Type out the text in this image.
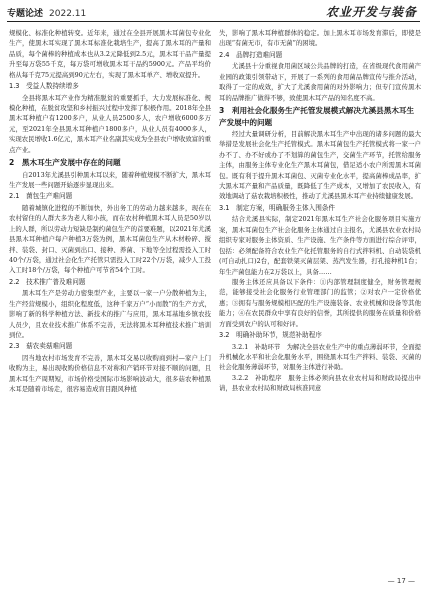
专题论述 2022.11	农业开发与装备

规模化、标准化种植转变。近年来，通过在全县开展黑木耳菌包专业化生产，使黑木耳实现了黑木耳标准化栽培生产，提高了黑木耳的产量和品质，每个菌棒的种植成本也从3.2元降低到2.5元，黑木耳干品产量提升至每万袋55千克，每万袋可增收黑木耳干品约5900元。产品平均价格从每千克75元提高到90元左右，实现了黑木耳单产、增收双提升。

1.3　受益人数持续增多

全县将黑木耳产业作为精准脱贫的重要抓手，大力发展标准化、规模化种植，在脱贫攻坚和乡村振兴过程中发挥了积极作用。2018年全县黑木耳种植户有1200多户，从业人员2500多人，农户增收6000多万元，至2021年全县黑木耳种植户1800多户，从业人员有4000多人，实现农民增收1.6亿元，黑木耳产业名副其实成为全县农户增收致富的重点产业。

2　黑木耳生产发展中存在的问题

自2013年尤溪县引种黑木耳以来，随着种植规模不断扩大，黑木耳生产发展一些问题开始逐步显现出来。

2.1　菌包生产难问题

随着城镇化进程的不断加快，外出务工的劳动力越来越多，现在在农村留住的人群大多为老人和小孩，而在农村种植黑木耳人员是50岁以上的人群，所以劳动力短缺是制约菌包生产的首要难题，以2021年尤溪县黑木耳种植户每户种植3万袋为例，黑木耳菌包生产从木材粉碎、搅拌、装袋、封口、灭菌到出口、接种、养菌、下地等全过程需投入工时40个/万袋，通过社会化生产托管只需投入工时22个/万袋，减少人工投入工时18个/万袋，每个种植户可节省54个工时。

2.2　技术推广普及难问题

黑木耳生产是劳动力密集型产业，主要以一家一户分散种植为主，生产经营规模小，组织化程度低，这种千家万户“小而散”的生产方式，影响了新的科学种植方法、新技术的推广与应用，黑木耳基地乡镇农技人员少，且农业技术推广体系不完善，无法将黑木耳种植技术推广培训到位。

2.3　菇农卖菇难问题

因当地农村市场发育不完善，黑木耳交易以收购商到村—家户上门收购为主，易出现收购价格信息不对称和产销环节对接不顺的问题，且黑木耳生产周期短，市场价格受国际市场影响波动大，很多菇农种植黑木耳是随着市场走，很容易造成盲目跟风种植

失，影响了黑木耳种植群体的稳定。加上黑木耳市场发育滞后，即使是出现“有菌无市，有市无菌”的困境。

2.4　品牌打造难问题

尤溪县十分重视食用菌区域公共品牌的打造，在省级现代食用菌产业园的政策引领带动下，开展了一系列的食用菌品牌宣传与推介活动，取得了一定的成效，扩大了尤溪食用菌的对外影响力；但专门宣传黑木耳的品牌推广做得不够，致使黑木耳产品的知名度不高。

3　利用社会化服务生产托管发展模式解决尤溪县黑木耳生产发展中的问题

经过大量调研分析，目前解决黑木耳生产中出现的诸多问题的最大举措是发展社会化生产托管模式。黑木耳菌包生产托管模式将一家一户办不了、办不好或办了不划算的菌包生产，交菌生产环节，托管给服务主体，由服务主体专业化生产黑木耳菌包，借足适小农户所需黑木耳菌包。既有利于提升黑木耳菌包、灭菌专业化水平，提高菌棒成品率，扩大黑木耳产量和产品质量，既降低了生产成本，又增加了农民收入，有效地调动了菇农栽培积极性，推动了尤溪县黑木耳产业持续健康发展。

3.1　制定方案，明确服务主体入围条件

结合尤溪县实际，制定2021年黑木耳生产社会化服务项目实施方案，黑木耳菌包生产社会化服务主体通过自主报名，尤溪县农业农村局组织专家对服务主体资质、生产设施、生产条件等方面进行综合评审，包括：必须配备符合农业生产化托管服务的自行式拌料机、自动装袋机(可自动扎口)2台，配套铁架灭菌层架、蒸汽发生器，打孔接种机1台；年生产菌包能力在2万袋以上，具备……

服务主体还应具备以下条件：①内部管理制度健全，财务管理规范，能够接受社会化服务行业管理部门的监管；②对农户一定价格优惠；③拥有与服务规模相匹配的生产设施装备、农业机械和设备等其他能力；④在农民群众中享有良好的信誉，其所提供的服务在质量和价格方面受到农户的认可和好评。

3.2　明确补助环节，规范补助程序

3.2.1　补助环节　为解决全县农业生产中的重点薄弱环节，全面提升机械化水平和社会化服务水平，围绕黑木耳生产拌料、装袋、灭菌的社会化服务薄弱环节，对服务主体进行补助。

3.2.2　补助程序　服务主体必须向县农业农村局和财政局提出申请，县农业农村局和财政局核准同意

— 17 —
